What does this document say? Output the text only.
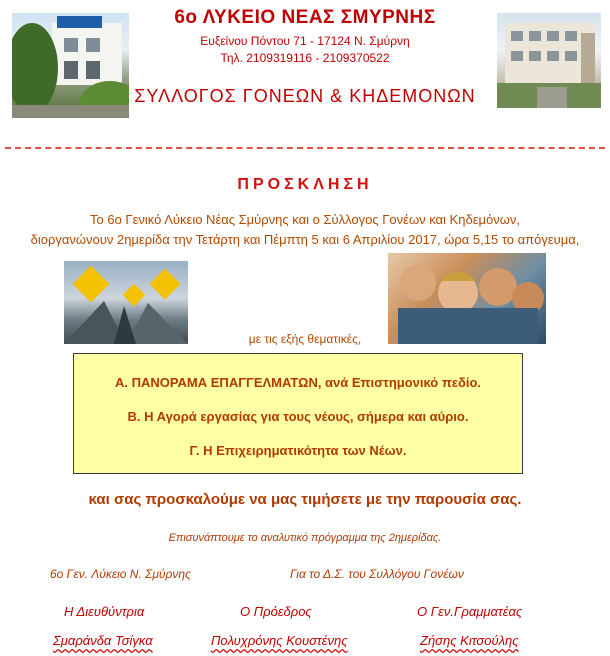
6ο ΛΥΚΕΙΟ ΝΕΑΣ ΣΜΥΡΝΗΣ
Ευξείνου Πόντου 71 - 17124 Ν. Σμύρνη
Τηλ. 2109319116 - 2109370522
ΣΥΛΛΟΓΟΣ ΓΟΝΕΩΝ & ΚΗΔΕΜΟΝΩΝ
ΠΡΟΣΚΛΗΣΗ
Το 6ο Γενικό Λύκειο Νέας Σμύρνης και ο Σύλλογος Γονέων και Κηδεμόνων,
διοργανώνουν 2ημερίδα την Τετάρτη και Πέμπτη 5 και 6 Απριλίου 2017, ώρα 5,15 το απόγευμα,
με τις εξής θεματικές,
Α. ΠΑΝΟΡΑΜΑ ΕΠΑΓΓΕΛΜΑΤΩΝ, ανά Επιστημονικό πεδίο.
Β. Η Αγορά εργασίας για τους νέους, σήμερα και αύριο.
Γ. Η Επιχειρηματικότητα των Νέων.
και σας προσκαλούμε να μας τιμήσετε με την παρουσία σας.
Επισυνάπτουμε το αναλυτικό πρόγραμμα της 2ημερίδας.
6ο Γεν. Λύκειο Ν. Σμύρνης	Για το Δ.Σ. του Συλλόγου Γονέων
Η Διευθύντρια	Ο Πρόεδρος	Ο Γεν.Γραμματέας
Σμαράνδα Τσίγκα	Πολυχρόνης Κουστένης	Ζήσης Κιτσούλης
